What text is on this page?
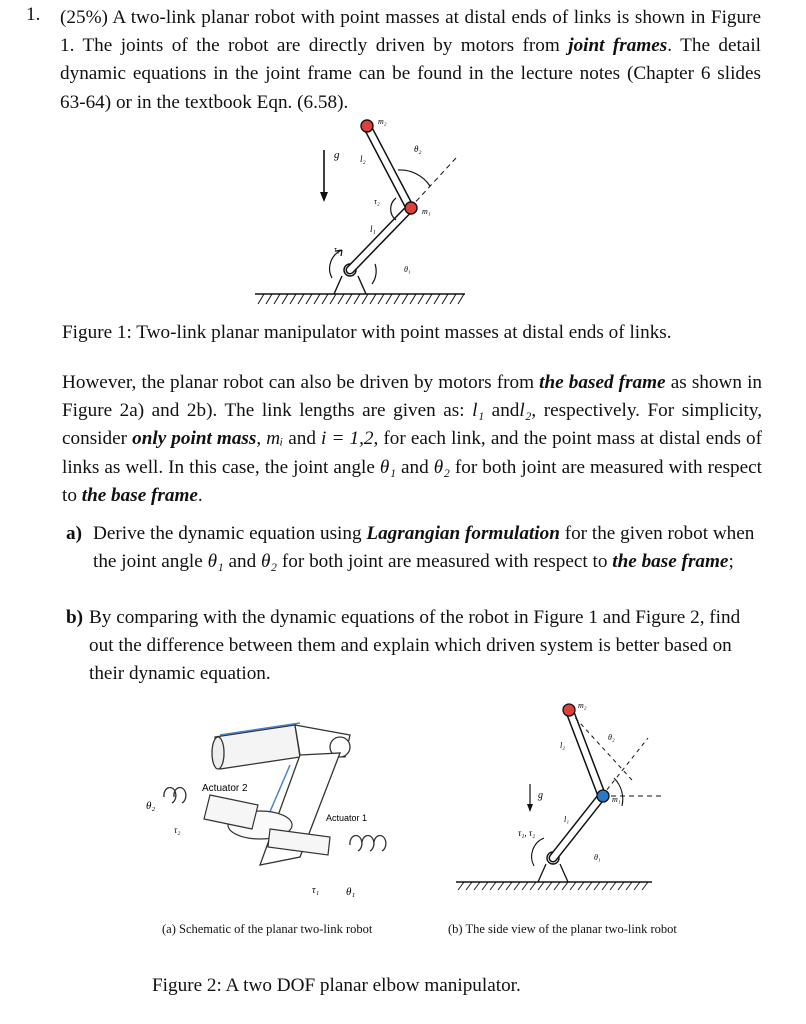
1. (25%) A two-link planar robot with point masses at distal ends of links is shown in Figure 1. The joints of the robot are directly driven by motors from joint frames. The detail dynamic equations in the joint frame can be found in the lecture notes (Chapter 6 slides 63-64) or in the textbook Eqn. (6.58).
g l₂
τ₂
l₁
τ₁
θ₂
θ₁
m₁
m₂
Figure 1: Two-link planar manipulator with point masses at distal ends of links.
However, the planar robot can also be driven by motors from the based frame as shown in Figure 2a) and 2b). The link lengths are given as: l₁ andl₂, respectively. For simplicity, consider only point mass, mᵢ and i = 1,2, for each link, and the point mass at distal ends of links as well. In this case, the joint angle θ₁ and θ₂ for both joint are measured with respect to the base frame.
a) Derive the dynamic equation using Lagrangian formulation for the given robot when the joint angle θ₁ and θ₂ for both joint are measured with respect to the base frame;
b) By comparing with the dynamic equations of the robot in Figure 1 and Figure 2, find out the difference between them and explain which driven system is better based on their dynamic equation.
Actuator 2
Actuator 1
θ₂
τ₂
τ₁ θ₁
g
l₂
l₁
τ₁, τ₂
θ₂
θ₁
m₁
m₂
(a) Schematic of the planar two-link robot	(b) The side view of the planar two-link robot
Figure 2: A two DOF planar elbow manipulator.
